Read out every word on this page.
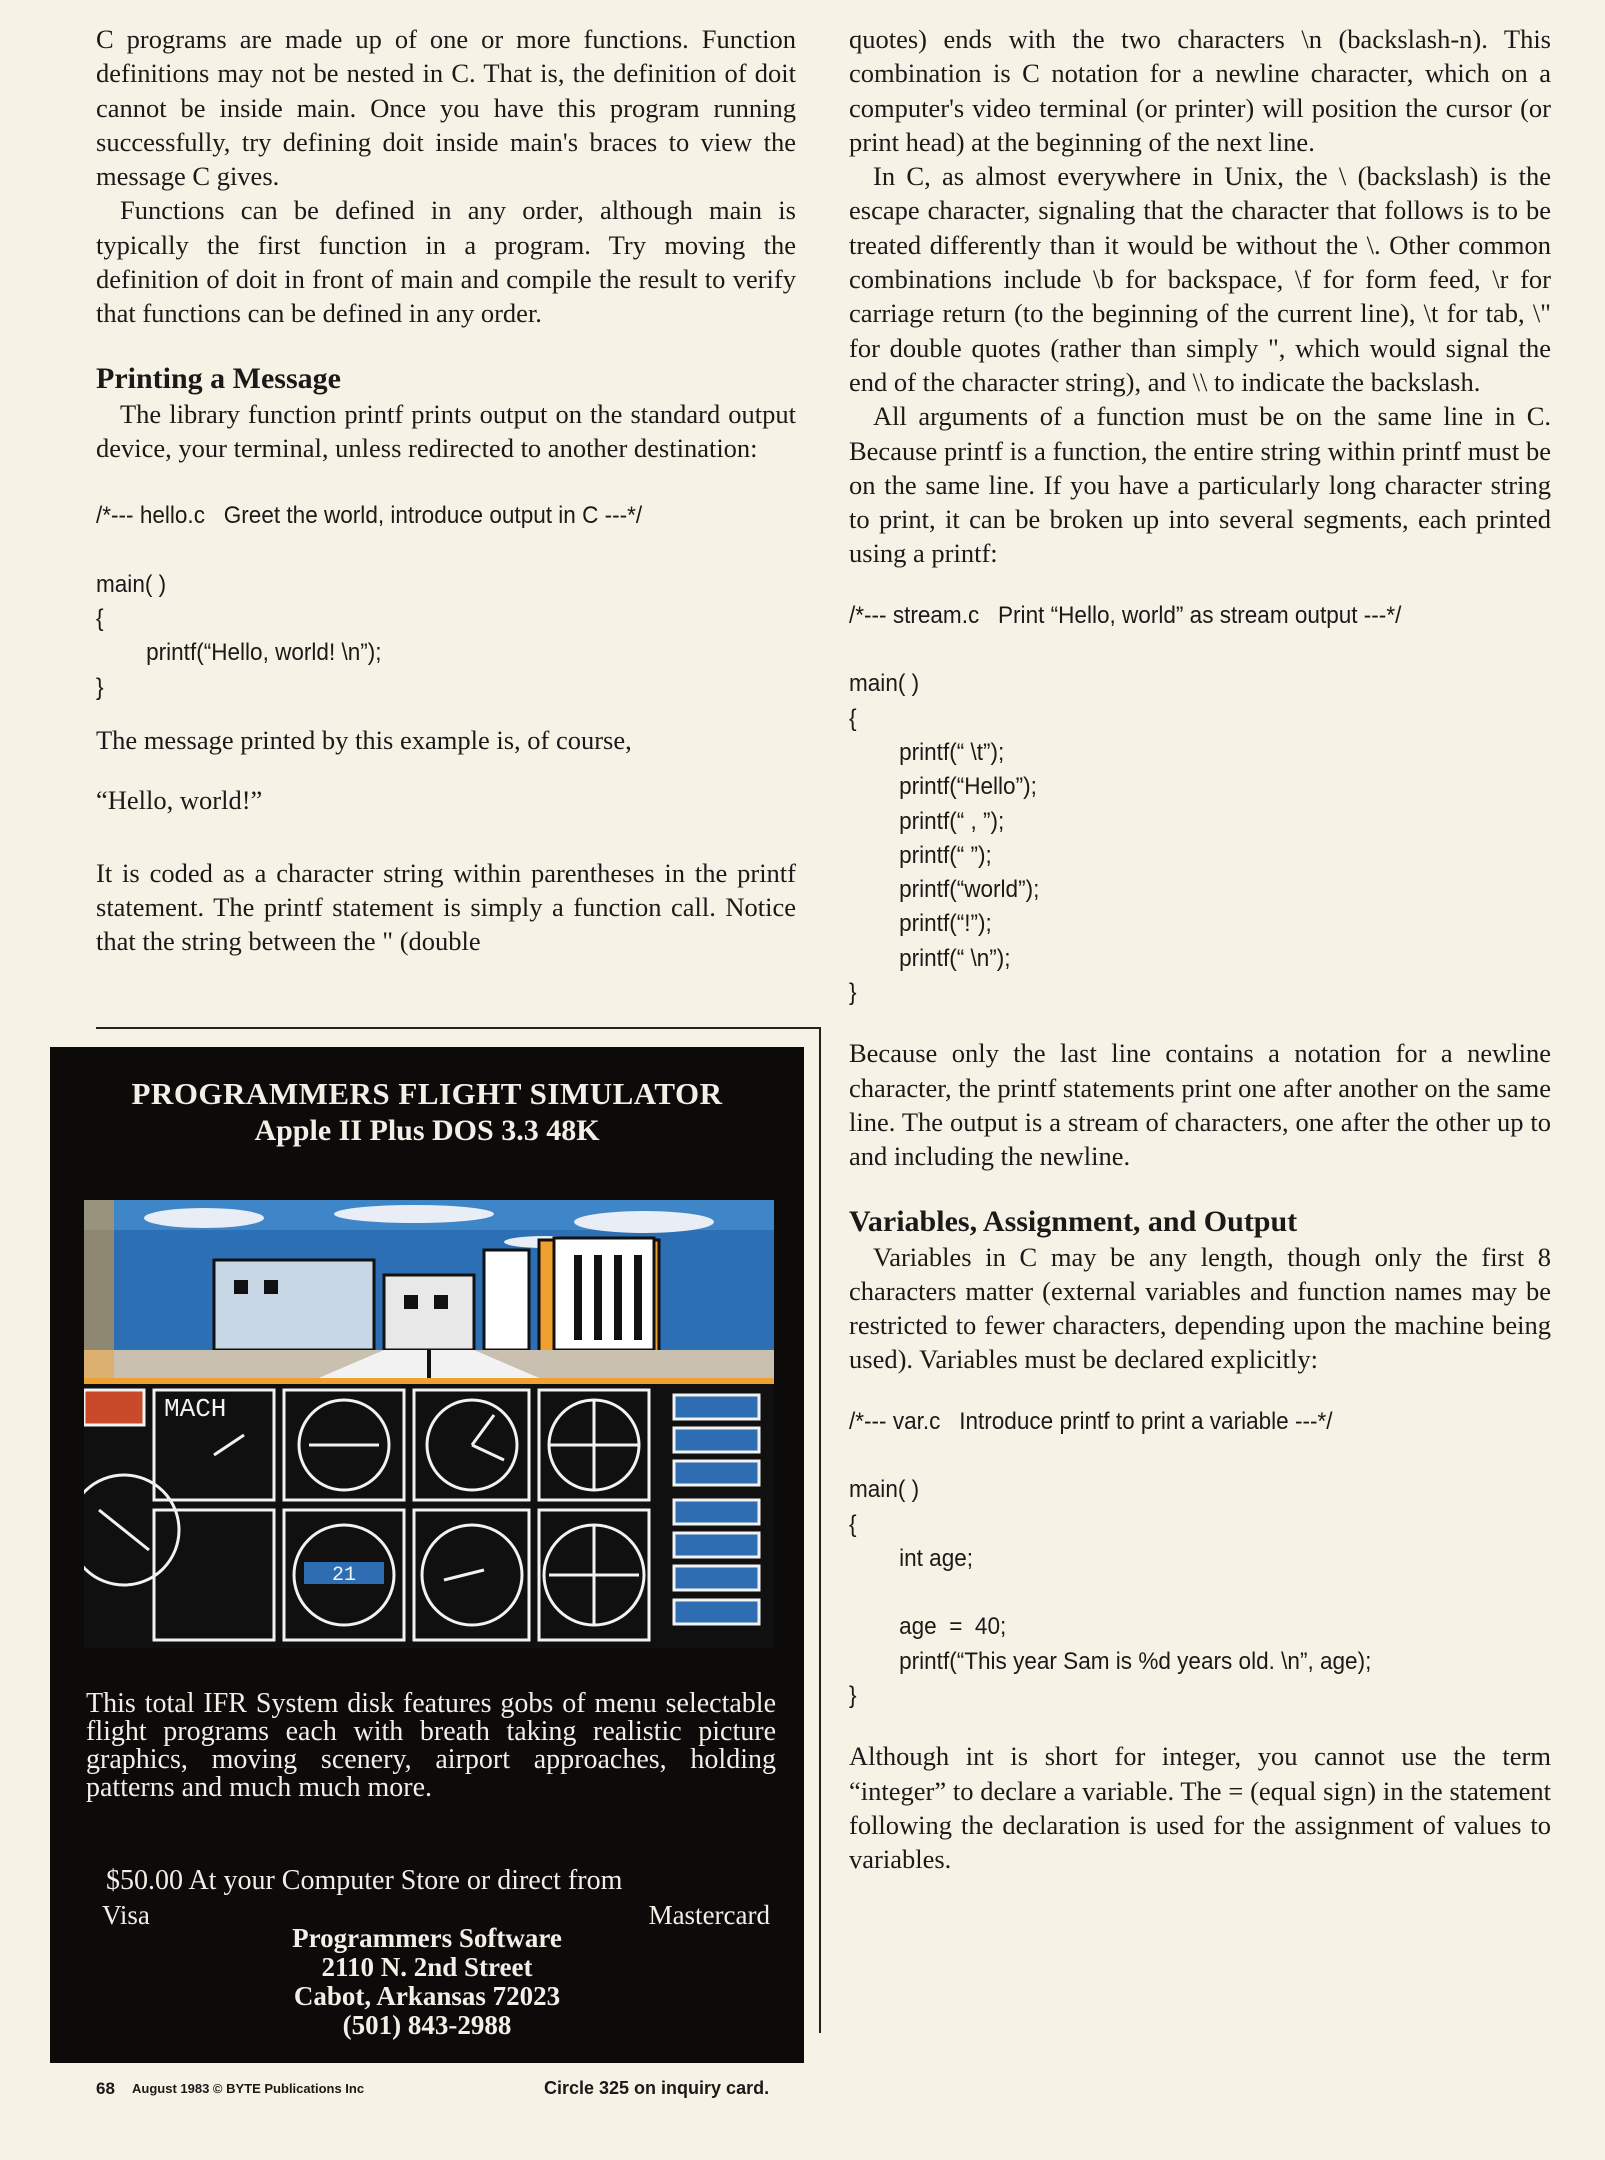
C programs are made up of one or more functions. Function definitions may not be nested in C. That is, the definition of doit cannot be inside main. Once you have this program running successfully, try defining doit inside main's braces to view the message C gives.

Functions can be defined in any order, although main is typically the first function in a program. Try moving the definition of doit in front of main and compile the result to verify that functions can be defined in any order.

Printing a Message

The library function printf prints output on the standard output device, your terminal, unless redirected to another destination:

/*--- hello.c   Greet the world, introduce output in C ---*/

main( )
{
printf(“Hello, world! \n”);
}

The message printed by this example is, of course,

“Hello, world!”

It is coded as a character string within parentheses in the printf statement. The printf statement is simply a function call. Notice that the string between the " (double

quotes) ends with the two characters \n (backslash-n). This combination is C notation for a newline character, which on a computer's video terminal (or printer) will position the cursor (or print head) at the beginning of the next line.

In C, as almost everywhere in Unix, the \ (backslash) is the escape character, signaling that the character that follows is to be treated differently than it would be without the \. Other common combinations include \b for backspace, \f for form feed, \r for carriage return (to the beginning of the current line), \t for tab, \" for double quotes (rather than simply ", which would signal the end of the character string), and \\ to indicate the backslash.

All arguments of a function must be on the same line in C. Because printf is a function, the entire string within printf must be on the same line. If you have a particularly long character string to print, it can be broken up into several segments, each printed using a printf:

/*--- stream.c   Print “Hello, world” as stream output ---*/

main( )
{
printf(“ \t”);
printf(“Hello”);
printf(“ , ”);
printf(“ ”);
printf(“world”);
printf(“!”);
printf(“ \n”);
}

Because only the last line contains a notation for a newline character, the printf statements print one after another on the same line. The output is a stream of characters, one after the other up to and including the newline.

Variables, Assignment, and Output

Variables in C may be any length, though only the first 8 characters matter (external variables and function names may be restricted to fewer characters, depending upon the machine being used). Variables must be declared explicitly:

/*--- var.c   Introduce printf to print a variable ---*/

main( )
{
int age;

age  =  40;
printf(“This year Sam is %d years old. \n”, age);
}

Although int is short for integer, you cannot use the term “integer” to declare a variable. The = (equal sign) in the statement following the declaration is used for the assignment of values to variables.

PROGRAMMERS FLIGHT SIMULATOR
Apple II Plus DOS 3.3 48K
MACH
21

This total IFR System disk features gobs of menu selectable flight programs each with breath taking realistic picture graphics, moving scenery, airport approaches, holding patterns and much much more.

$50.00 At your Computer Store or direct from
Visa	Mastercard
Programmers Software
2110 N. 2nd Street
Cabot, Arkansas 72023
(501) 843-2988
68 August 1983 © BYTE Publications Inc	Circle 325 on inquiry card.
